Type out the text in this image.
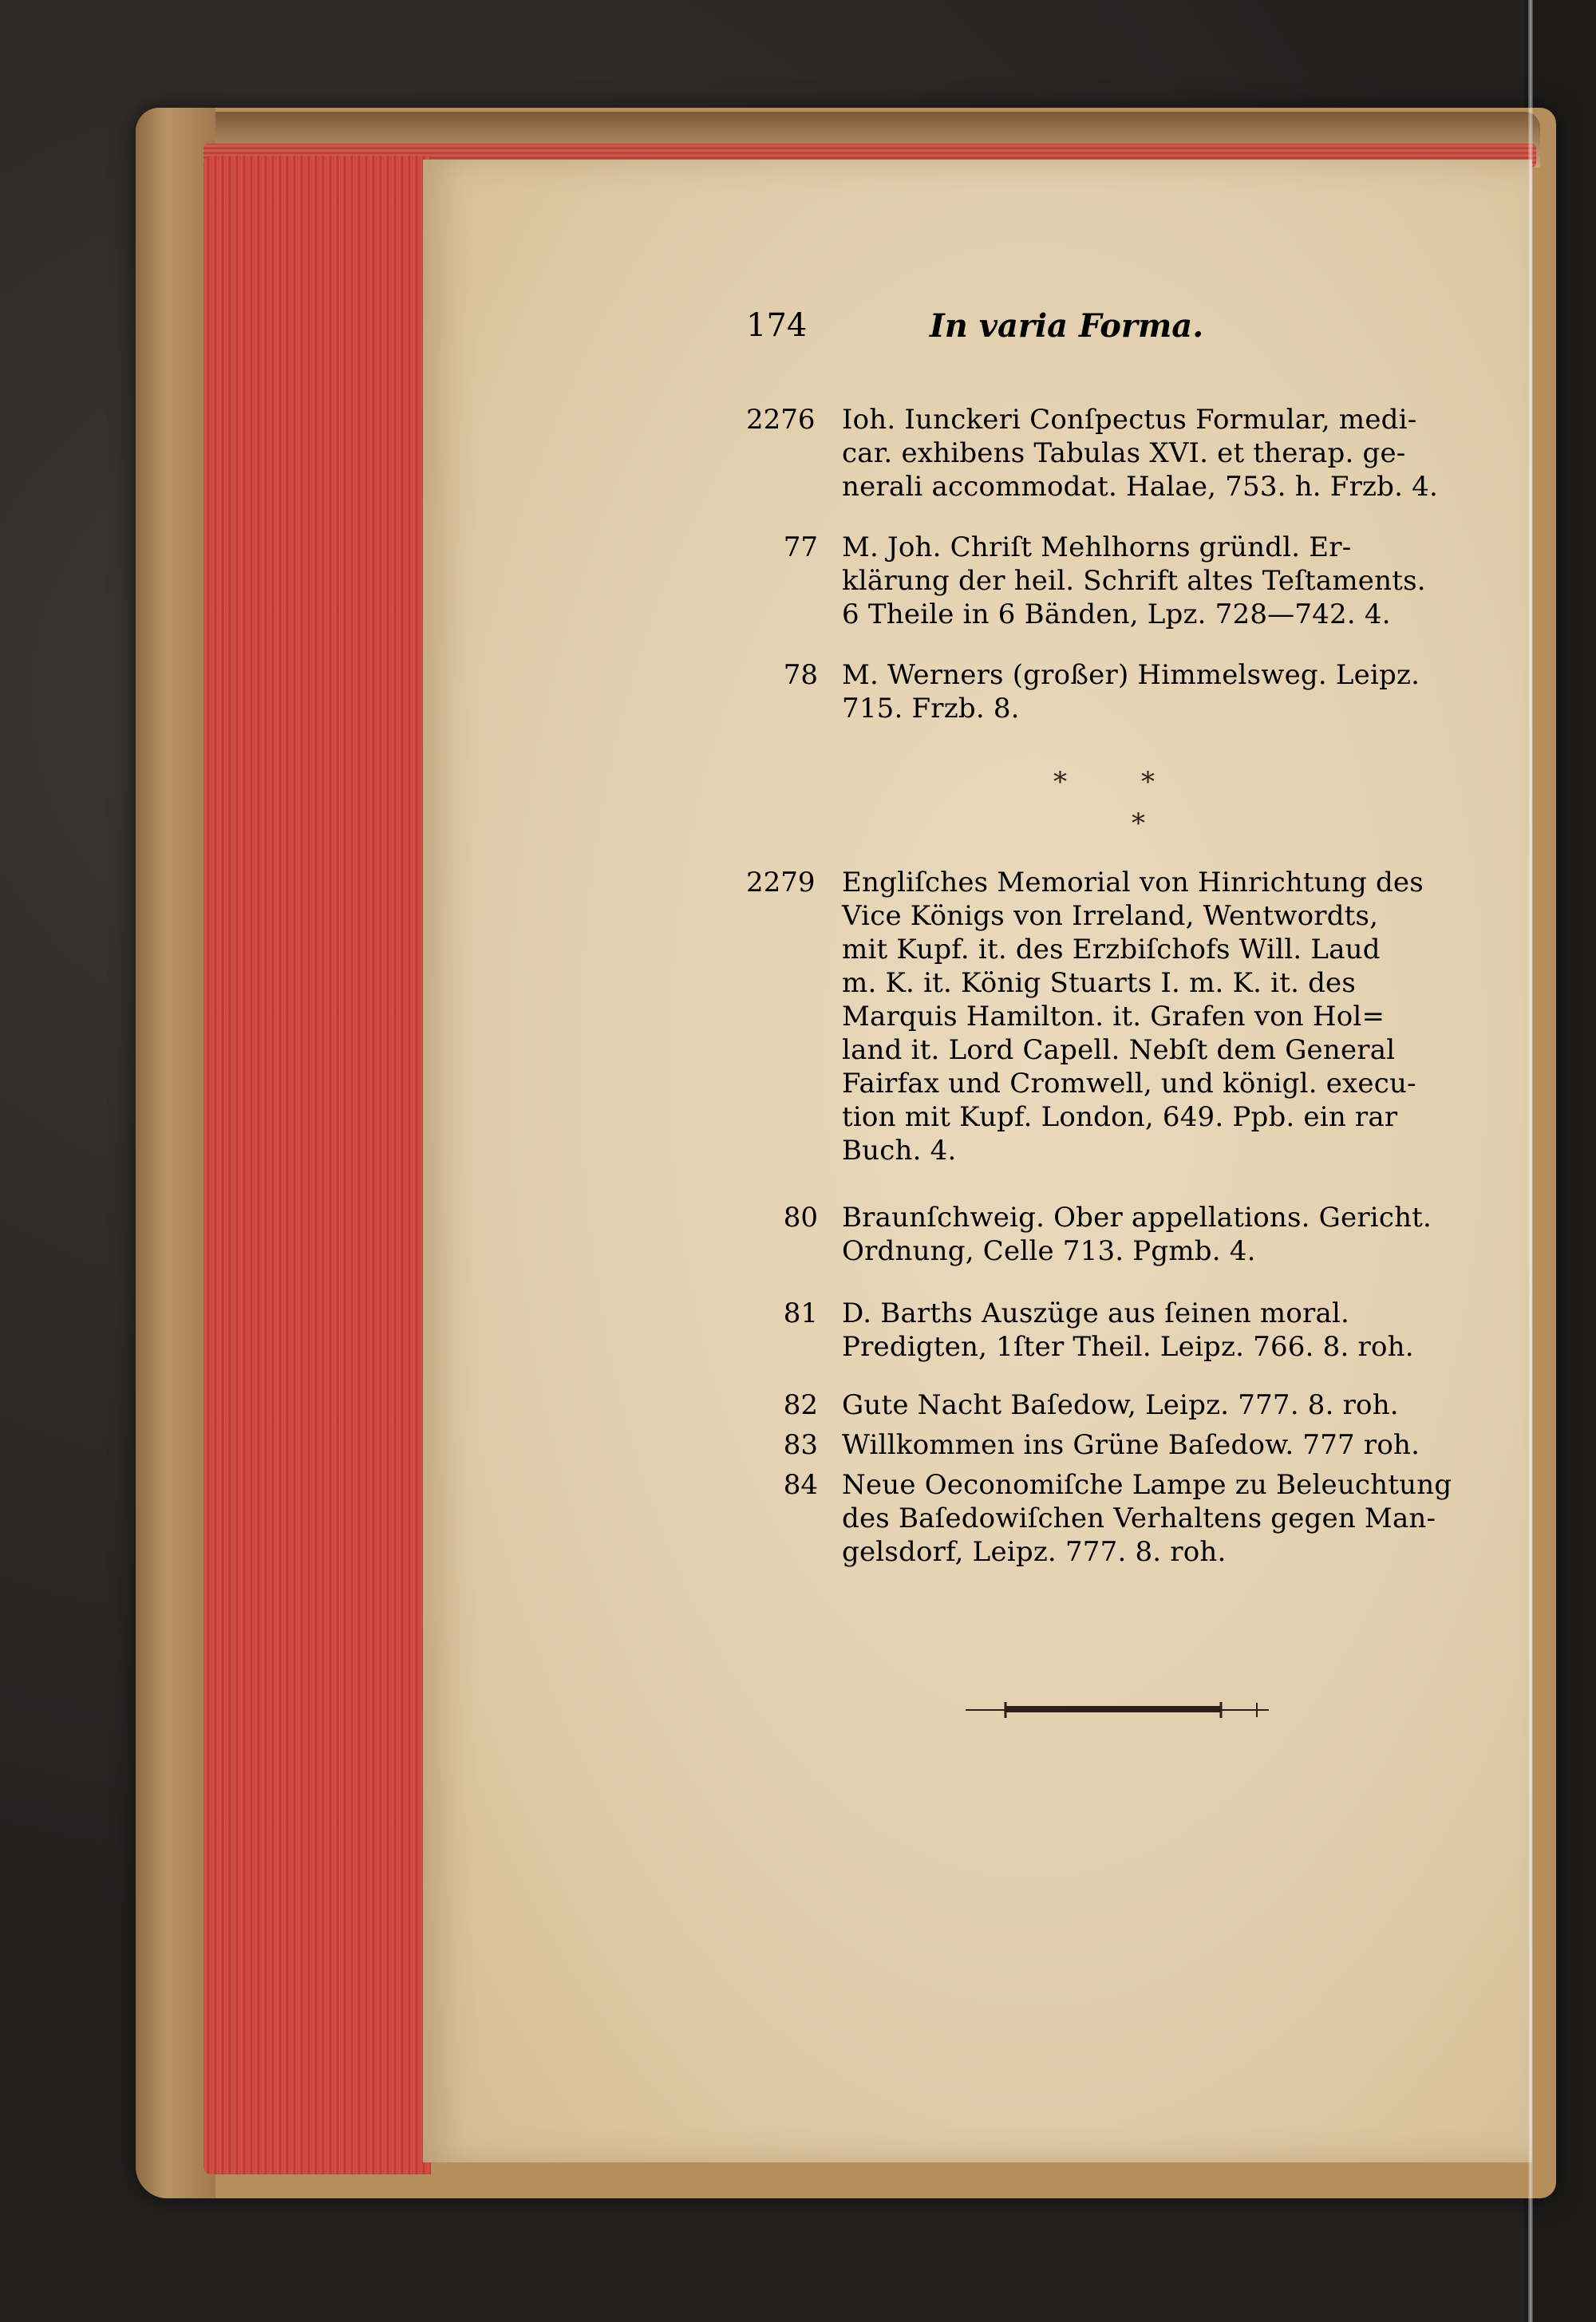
174	In varia Forma.
2276 Ioh. Iunckeri Conſpectus Formular, medi-
car. exhibens Tabulas XVI. et therap. ge-
nerali accommodat. Halae, 753. h. Frzb. 4.
77 M. Joh. Chriſt Mehlhorns gründl. Er-
klärung der heil. Schrift altes Teſtaments.
6 Theile in 6 Bänden, Lpz. 728—742. 4.
78 M. Werners (großer) Himmelsweg. Leipz.
715. Frzb. 8.
*	*
*
2279 Engliſches Memorial von Hinrichtung des
Vice Königs von Irreland, Wentwordts,
mit Kupf. it. des Erzbiſchofs Will. Laud
m. K. it. König Stuarts I. m. K. it. des
Marquis Hamilton. it. Grafen von Hol=
land it. Lord Capell. Nebſt dem General
Fairfax und Cromwell, und königl. execu-
tion mit Kupf. London, 649. Ppb. ein rar
Buch. 4.
80 Braunſchweig. Ober appellations. Gericht.
Ordnung, Celle 713. Pgmb. 4.
81 D. Barths Auszüge aus ſeinen moral.
Predigten, 1ſter Theil. Leipz. 766. 8. roh.
82 Gute Nacht Baſedow, Leipz. 777. 8. roh.
83 Willkommen ins Grüne Baſedow. 777 roh.
84 Neue Oeconomiſche Lampe zu Beleuchtung
des Baſedowiſchen Verhaltens gegen Man-
gelsdorf, Leipz. 777. 8. roh.
